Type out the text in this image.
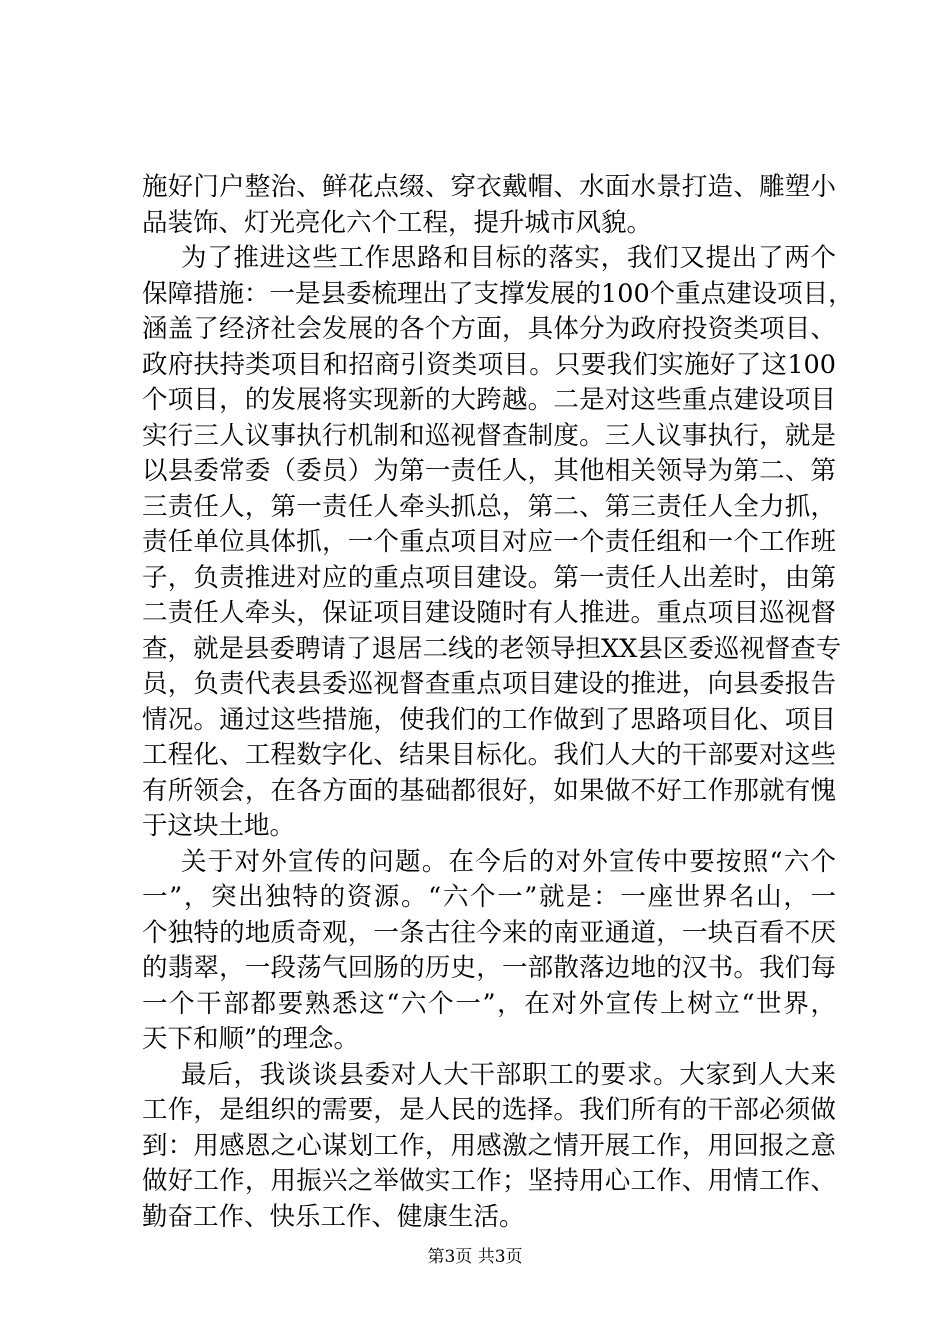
施好门户整治、鲜花点缀、穿衣戴帽、水面水景打造、雕塑小
品装饰、灯光亮化六个工程，提升城市风貌。
为了推进这些工作思路和目标的落实，我们又提出了两个
保障措施：一是县委梳理出了支撑发展的100个重点建设项目，
涵盖了经济社会发展的各个方面，具体分为政府投资类项目、
政府扶持类项目和招商引资类项目。只要我们实施好了这100
个项目，的发展将实现新的大跨越。二是对这些重点建设项目
实行三人议事执行机制和巡视督查制度。三人议事执行，就是
以县委常委（委员）为第一责任人，其他相关领导为第二、第
三责任人，第一责任人牵头抓总，第二、第三责任人全力抓，
责任单位具体抓，一个重点项目对应一个责任组和一个工作班
子，负责推进对应的重点项目建设。第一责任人出差时，由第
二责任人牵头，保证项目建设随时有人推进。重点项目巡视督
查，就是县委聘请了退居二线的老领导担XX县区委巡视督查专
员，负责代表县委巡视督查重点项目建设的推进，向县委报告
情况。通过这些措施，使我们的工作做到了思路项目化、项目
工程化、工程数字化、结果目标化。我们人大的干部要对这些
有所领会，在各方面的基础都很好，如果做不好工作那就有愧
于这块土地。
关于对外宣传的问题。在今后的对外宣传中要按照“六个
一”，突出独特的资源。“六个一”就是：一座世界名山，一
个独特的地质奇观，一条古往今来的南亚通道，一块百看不厌
的翡翠，一段荡气回肠的历史，一部散落边地的汉书。我们每
一个干部都要熟悉这“六个一”，在对外宣传上树立“世界，
天下和顺”的理念。
最后，我谈谈县委对人大干部职工的要求。大家到人大来
工作，是组织的需要，是人民的选择。我们所有的干部必须做
到：用感恩之心谋划工作，用感激之情开展工作，用回报之意
做好工作，用振兴之举做实工作；坚持用心工作、用情工作、
勤奋工作、快乐工作、健康生活。
第3页 共3页
